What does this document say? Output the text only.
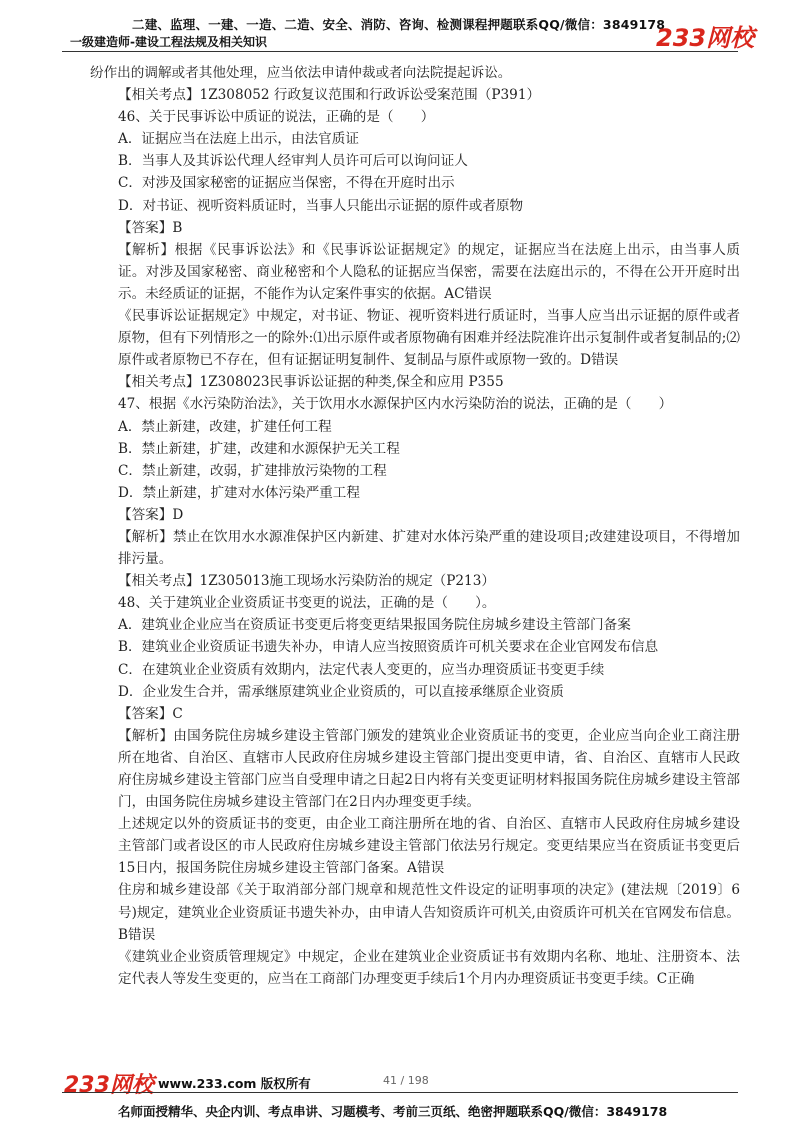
二建、监理、一建、一造、二造、安全、消防、咨询、检测课程押题联系QQ/微信：3849178
一级建造师-建设工程法规及相关知识	233网校

纷作出的调解或者其他处理，应当依法申请仲裁或者向法院提起诉讼。

【相关考点】1Z308052 行政复议范围和行政诉讼受案范围（P391）

46、关于民事诉讼中质证的说法，正确的是（　　）

A．证据应当在法庭上出示，由法官质证

B．当事人及其诉讼代理人经审判人员许可后可以询问证人

C．对涉及国家秘密的证据应当保密，不得在开庭时出示

D．对书证、视听资料质证时，当事人只能出示证据的原件或者原物

【答案】B

【解析】根据《民事诉讼法》和《民事诉讼证据规定》的规定，证据应当在法庭上出示，由当事人质证。对涉及国家秘密、商业秘密和个人隐私的证据应当保密，需要在法庭出示的，不得在公开开庭时出示。未经质证的证据，不能作为认定案件事实的依据。AC错误

《民事诉讼证据规定》中规定，对书证、物证、视听资料进行质证时，当事人应当出示证据的原件或者原物，但有下列情形之一的除外:⑴出示原件或者原物确有困难并经法院准许出示复制件或者复制品的;⑵原件或者原物已不存在，但有证据证明复制件、复制品与原件或原物一致的。D错误

【相关考点】1Z308023民事诉讼证据的种类,保全和应用 P355

47、根据《水污染防治法》，关于饮用水水源保护区内水污染防治的说法，正确的是（　　）

A．禁止新建，改建，扩建任何工程

B．禁止新建，扩建，改建和水源保护无关工程

C．禁止新建，改弱，扩建排放污染物的工程

D．禁止新建，扩建对水体污染严重工程

【答案】D

【解析】禁止在饮用水水源准保护区内新建、扩建对水体污染严重的建设项目;改建建设项目，不得增加排污量。

【相关考点】1Z305013施工现场水污染防治的规定（P213）

48、关于建筑业企业资质证书变更的说法，正确的是（　　）。

A．建筑业企业应当在资质证书变更后将变更结果报国务院住房城乡建设主管部门备案

B．建筑业企业资质证书遗失补办，申请人应当按照资质许可机关要求在企业官网发布信息

C．在建筑业企业资质有效期内，法定代表人变更的，应当办理资质证书变更手续

D．企业发生合并，需承继原建筑业企业资质的，可以直接承继原企业资质

【答案】C

【解析】由国务院住房城乡建设主管部门颁发的建筑业企业资质证书的变更，企业应当向企业工商注册所在地省、自治区、直辖市人民政府住房城乡建设主管部门提出变更申请，省、自治区、直辖市人民政府住房城乡建设主管部门应当自受理申请之日起2日内将有关变更证明材料报国务院住房城乡建设主管部门，由国务院住房城乡建设主管部门在2日内办理变更手续。

上述规定以外的资质证书的变更，由企业工商注册所在地的省、自治区、直辖市人民政府住房城乡建设主管部门或者设区的市人民政府住房城乡建设主管部门依法另行规定。变更结果应当在资质证书变更后15日内，报国务院住房城乡建设主管部门备案。A错误

住房和城乡建设部《关于取消部分部门规章和规范性文件设定的证明事项的决定》(建法规〔2019〕6号)规定，建筑业企业资质证书遗失补办，由申请人告知资质许可机关,由资质许可机关在官网发布信息。B错误

《建筑业企业资质管理规定》中规定，企业在建筑业企业资质证书有效期内名称、地址、注册资本、法定代表人等发生变更的，应当在工商部门办理变更手续后1个月内办理资质证书变更手续。C正确

233网校 www.233.com 版权所有	41 / 198
名师面授精华、央企内训、考点串讲、习题模考、考前三页纸、绝密押题联系QQ/微信：3849178
